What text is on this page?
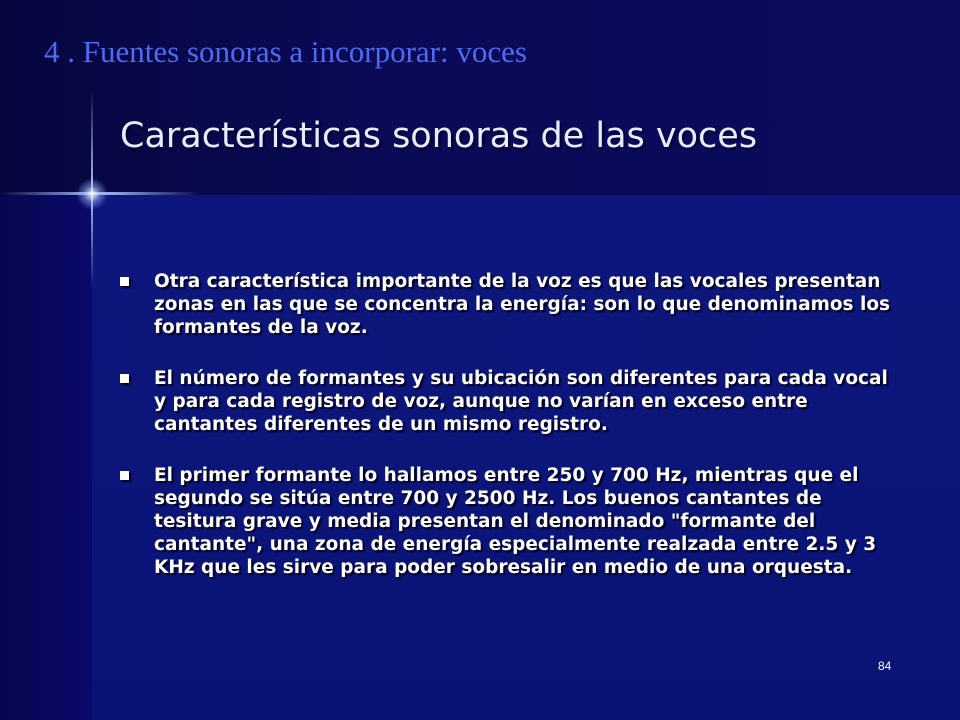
4 . Fuentes sonoras a incorporar: voces
Características sonoras de las voces
Otra característica importante de la voz es que las vocales presentan zonas en las que se concentra la energía: son lo que denominamos los formantes de la voz.
El número de formantes y su ubicación son diferentes para cada vocal y para cada registro de voz, aunque no varían en exceso entre cantantes diferentes de un mismo registro.
El primer formante lo hallamos entre 250 y 700 Hz, mientras que el segundo se sitúa entre 700 y 2500 Hz. Los buenos cantantes de tesitura grave y media presentan el denominado "formante del cantante", una zona de energía especialmente realzada entre 2.5 y 3 KHz que les sirve para poder sobresalir en medio de una orquesta.
84
